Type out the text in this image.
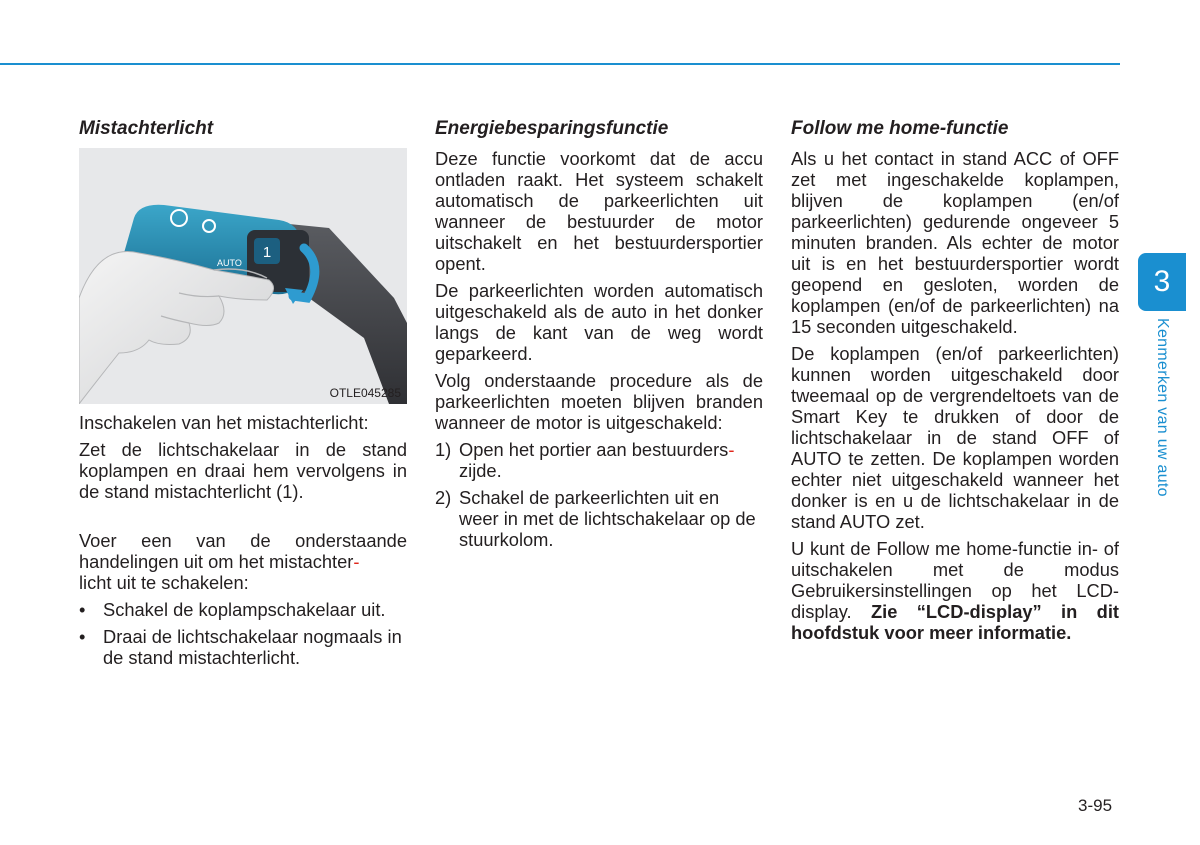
Mistachterlicht
1
AUTO
OTLE045285

Inschakelen van het mistachterlicht:

Zet de lichtschakelaar in de stand koplampen en draai hem vervolgens in de stand mistachterlicht (1).

Voer een van de onderstaande handelingen uit om het mistachter-
licht uit te schakelen:

• Schakel de koplampschakelaar uit.
• Draai de lichtschakelaar nogmaals in de stand mistachterlicht.
Energiebesparingsfunctie

Deze functie voorkomt dat de accu ontladen raakt. Het systeem schakelt automatisch de parkeerlichten uit wanneer de bestuurder de motor uitschakelt en het bestuurdersportier opent.

De parkeerlichten worden automatisch uitgeschakeld als de auto in het donker langs de kant van de weg wordt geparkeerd.

Volg onderstaande procedure als de parkeerlichten moeten blijven branden wanneer de motor is uitgeschakeld:

1) Open het portier aan bestuurders-
zijde.
2) Schakel de parkeerlichten uit en weer in met de lichtschakelaar op de stuurkolom.
Follow me home-functie

Als u het contact in stand ACC of OFF zet met ingeschakelde koplampen, blijven de koplampen (en/of parkeerlichten) gedurende ongeveer 5 minuten branden. Als echter de motor uit is en het bestuurdersportier wordt geopend en gesloten, worden de koplampen (en/of de parkeerlichten) na 15 seconden uitgeschakeld.

De koplampen (en/of parkeerlichten) kunnen worden uitgeschakeld door tweemaal op de vergrendeltoets van de Smart Key te drukken of door de lichtschakelaar in de stand OFF of AUTO te zetten. De koplampen worden echter niet uitgeschakeld wanneer het donker is en u de lichtschakelaar in de stand AUTO zet.

U kunt de Follow me home-functie in- of uitschakelen met de modus Gebruikersinstellingen op het LCD-display. Zie “LCD-display” in dit hoofdstuk voor meer informatie.

3
Kenmerken van uw auto
3-95
